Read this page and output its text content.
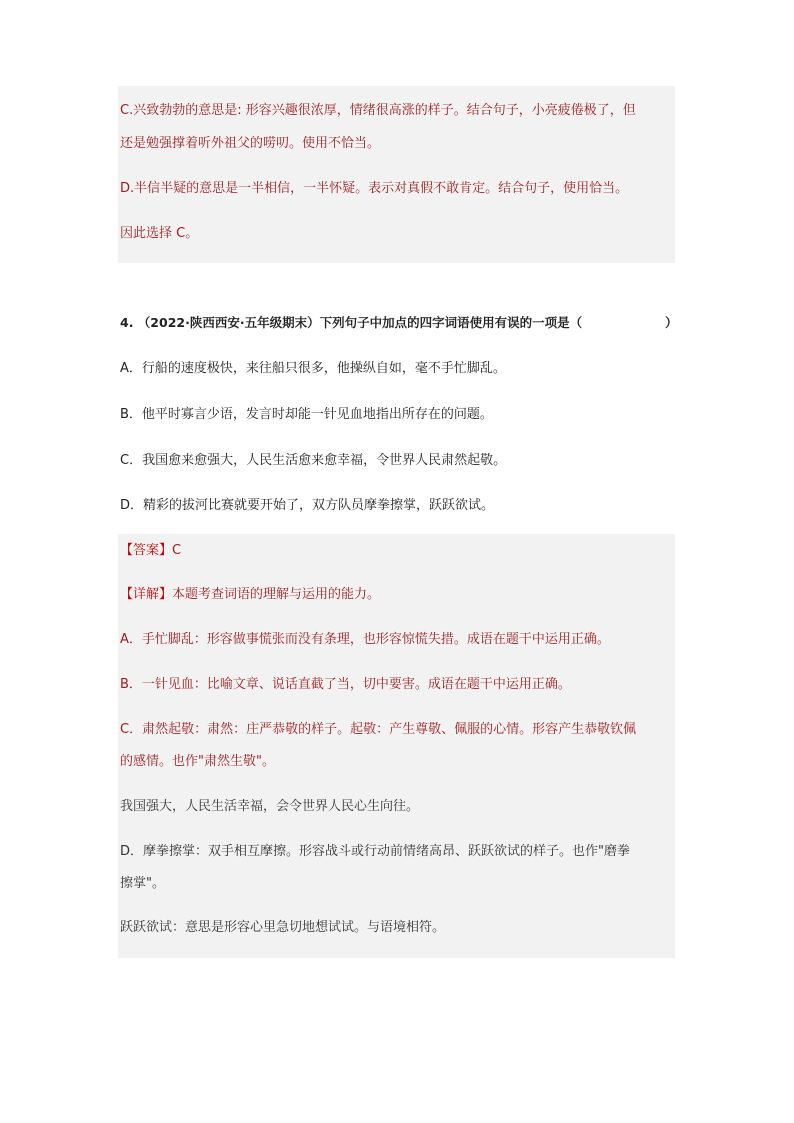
C.兴致勃勃的意思是: 形容兴趣很浓厚，情绪很高涨的样子。结合句子，小亮疲倦极了，但
还是勉强撑着听外祖父的唠叨。使用不恰当。
D.半信半疑的意思是一半相信，一半怀疑。表示对真假不敢肯定。结合句子，使用恰当。
因此选择 C。
4. （2022·陕西西安·五年级期末）下列句子中加点的四字词语使用有误的一项是（	）
A．行船的速度极快，来往船只很多，他操纵自如，毫不手忙脚乱。
B．他平时寡言少语，发言时却能一针见血地指出所存在的问题。
C．我国愈来愈强大，人民生活愈来愈幸福，令世界人民肃然起敬。
D．精彩的拔河比赛就要开始了，双方队员摩拳擦掌，跃跃欲试。
【答案】C
【详解】本题考查词语的理解与运用的能力。
A．手忙脚乱：形容做事慌张而没有条理，也形容惊慌失措。成语在题干中运用正确。
B．一针见血：比喻文章、说话直截了当，切中要害。成语在题干中运用正确。
C．肃然起敬：肃然：庄严恭敬的样子。起敬：产生尊敬、佩服的心情。形容产生恭敬钦佩
的感情。也作"肃然生敬"。
我国强大，人民生活幸福，会令世界人民心生向往。
D．摩拳擦掌：双手相互摩擦。形容战斗或行动前情绪高昂、跃跃欲试的样子。也作"磨拳
擦掌"。
跃跃欲试：意思是形容心里急切地想试试。与语境相符。
